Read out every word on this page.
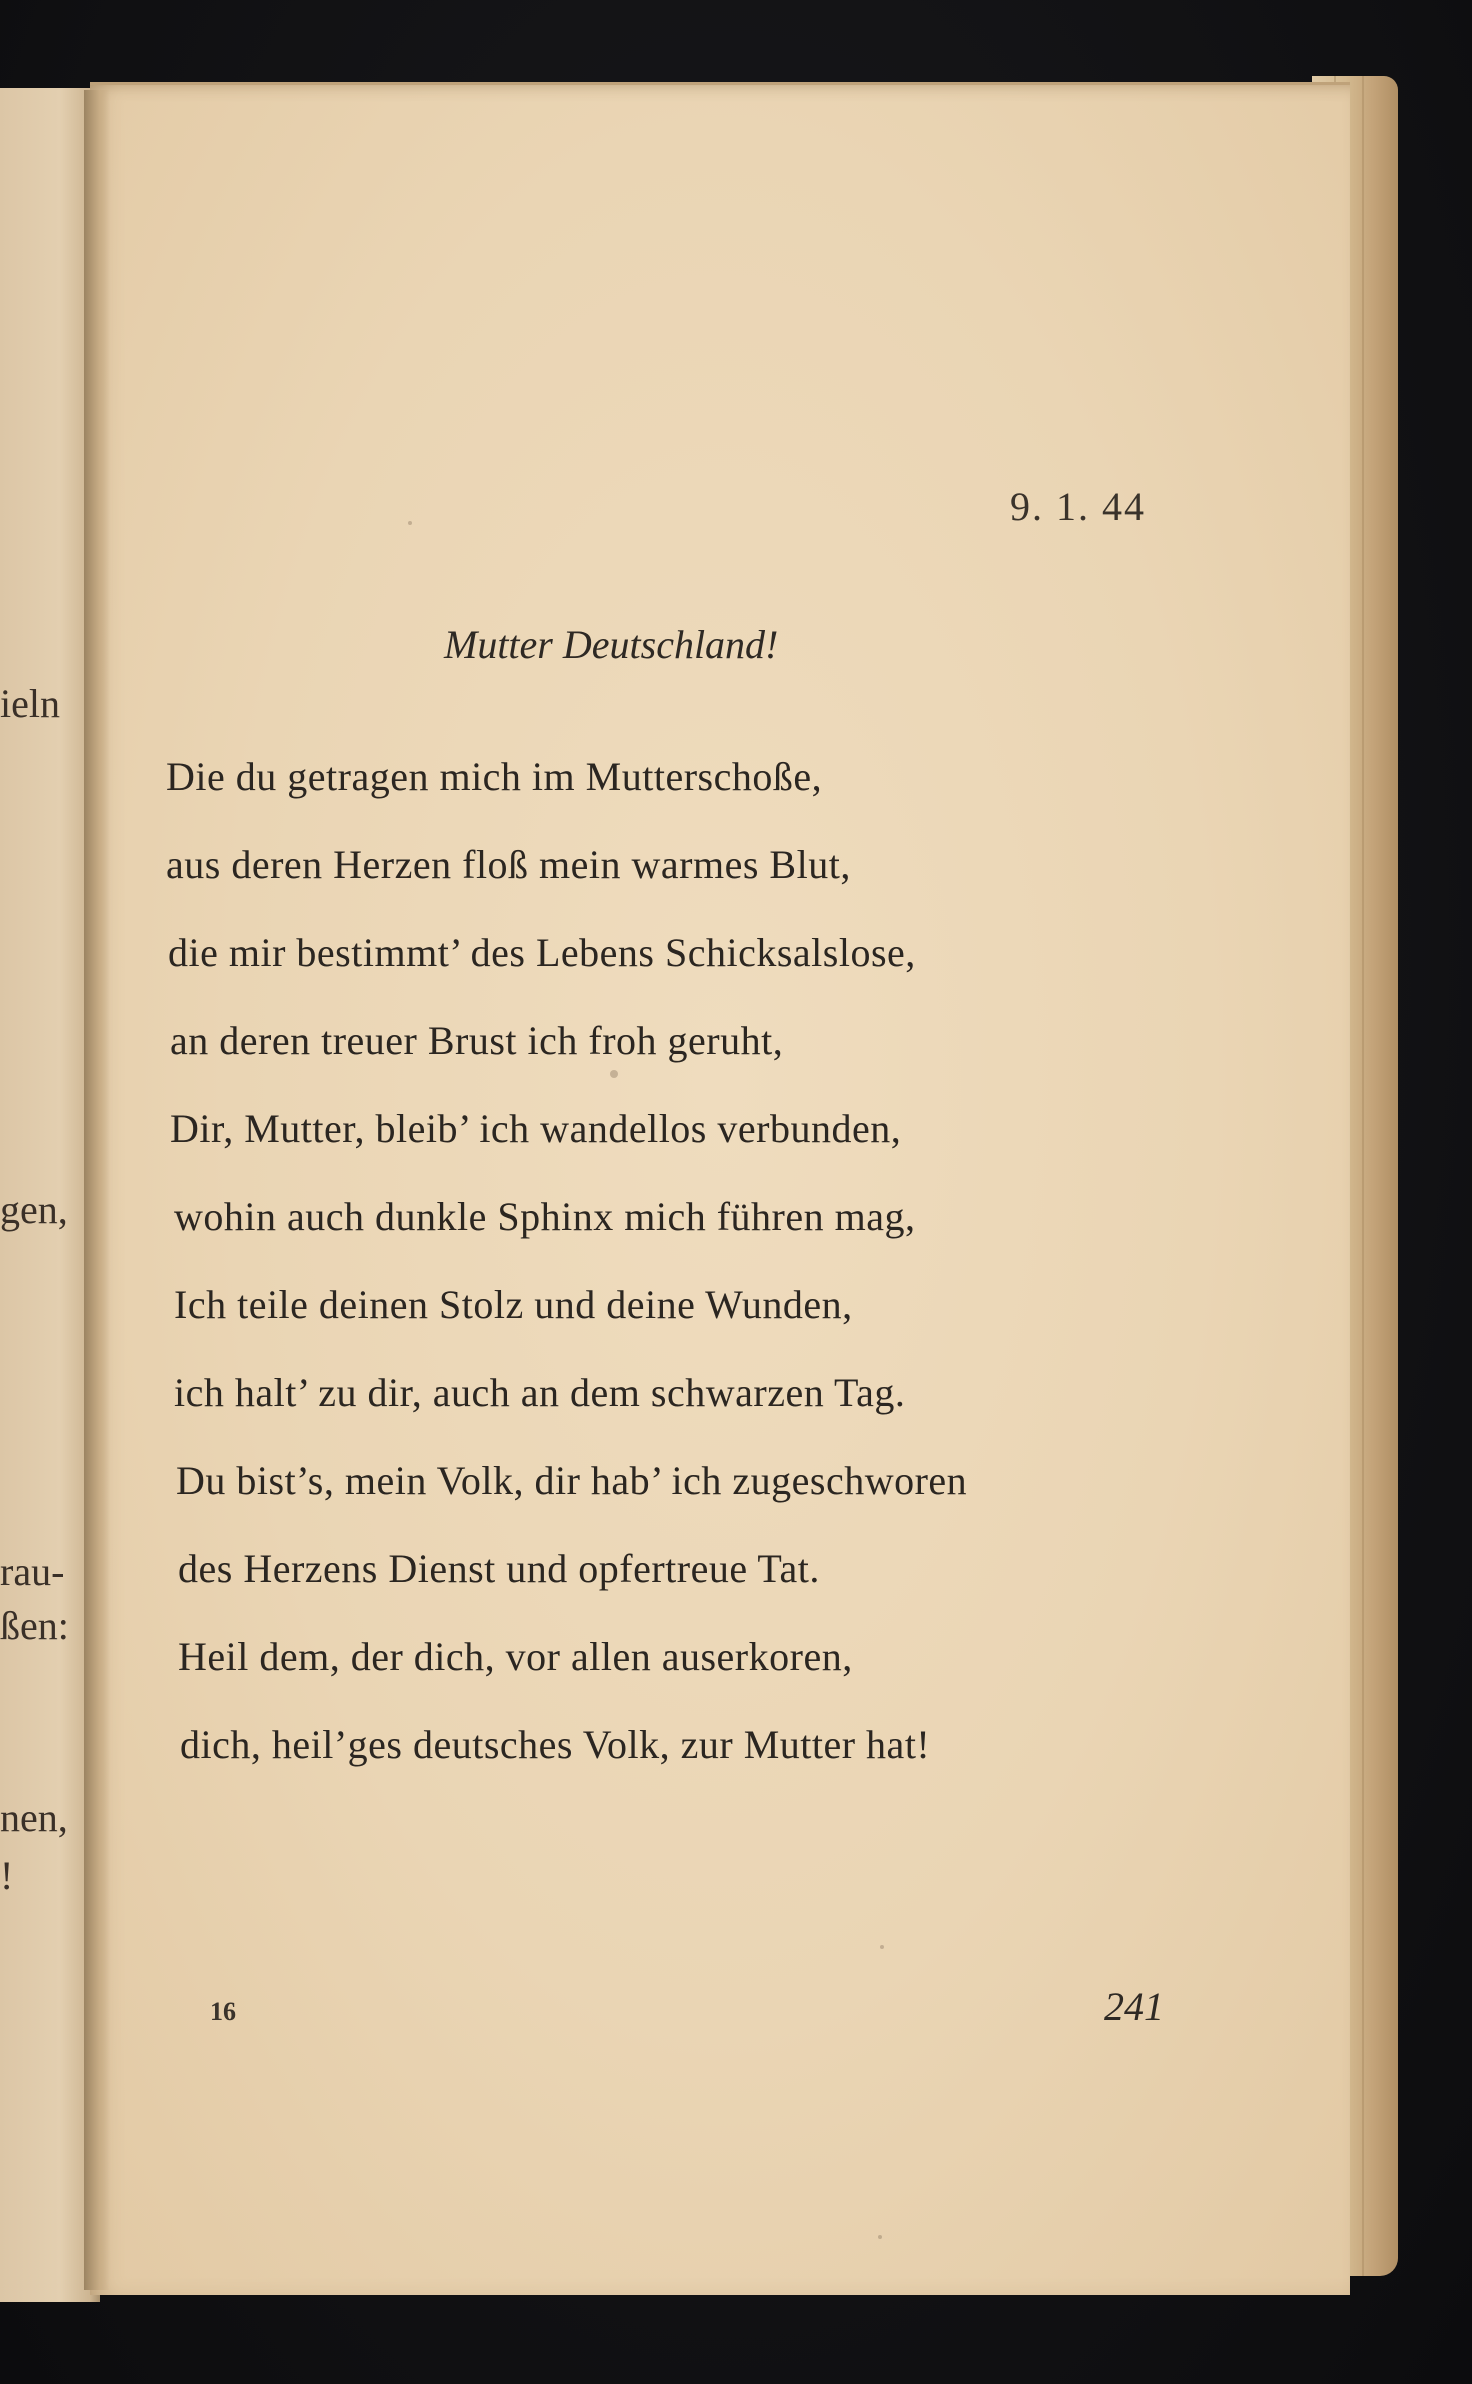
ieln
gen,
rau-
ßen:
nen,
!
9. 1. 44
Mutter Deutschland!
Die du getragen mich im Mutterschoße,
aus deren Herzen floß mein warmes Blut,
die mir bestimmt’ des Lebens Schicksalslose,
an deren treuer Brust ich froh geruht,
Dir, Mutter, bleib’ ich wandellos verbunden,
wohin auch dunkle Sphinx mich führen mag,
Ich teile deinen Stolz und deine Wunden,
ich halt’ zu dir, auch an dem schwarzen Tag.
Du bist’s, mein Volk, dir hab’ ich zugeschworen
des Herzens Dienst und opfertreue Tat.
Heil dem, der dich, vor allen auserkoren,
dich, heil’ges deutsches Volk, zur Mutter hat!
16	241
